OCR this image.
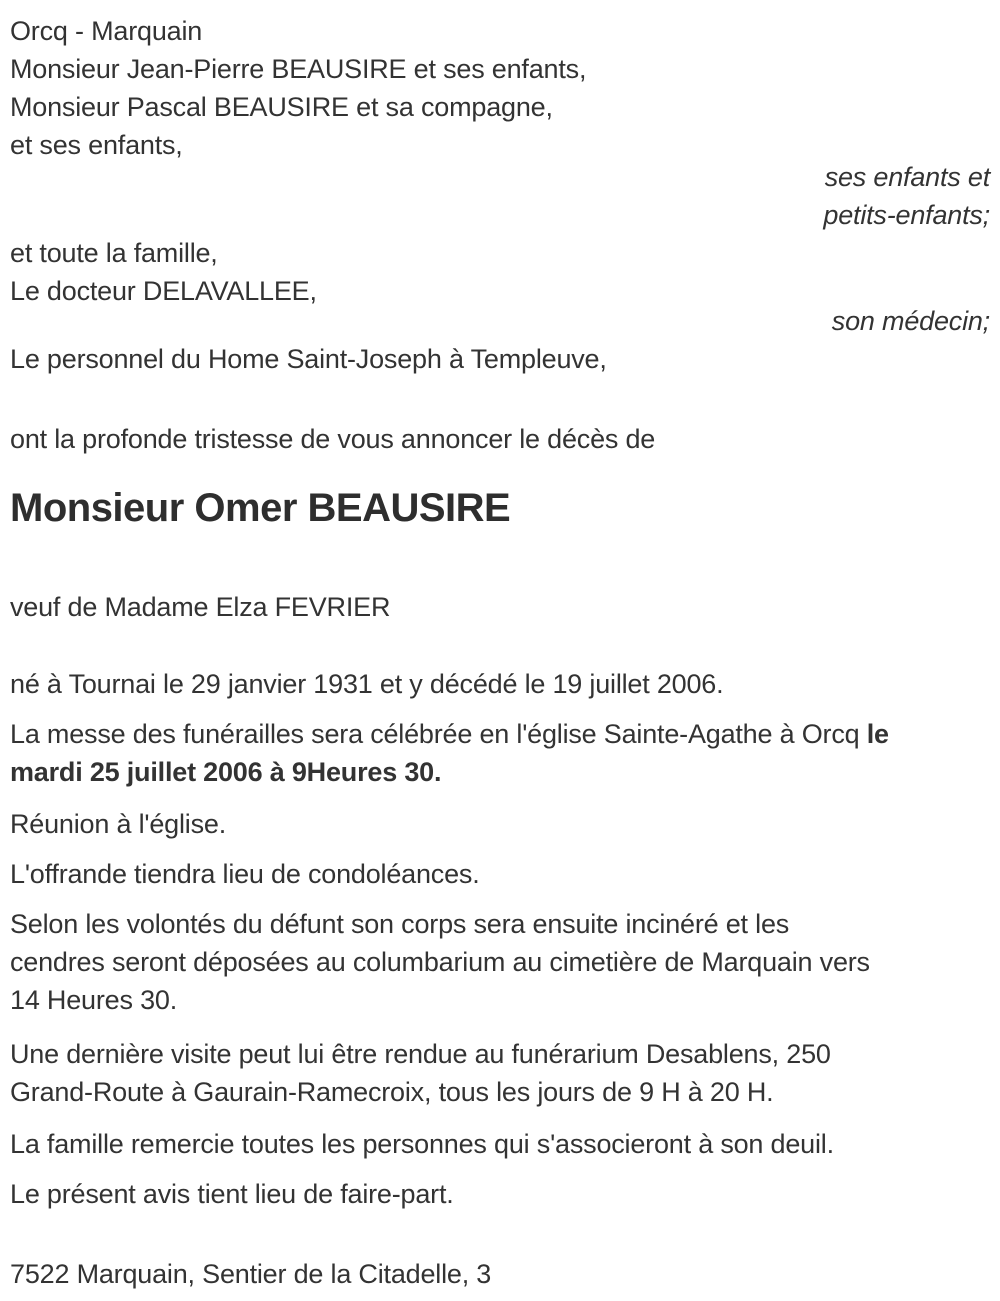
Orcq - Marquain
Monsieur Jean-Pierre BEAUSIRE et ses enfants,
Monsieur Pascal BEAUSIRE et sa compagne,
et ses enfants,
ses enfants et
petits-enfants;
et toute la famille,
Le docteur DELAVALLEE,
son médecin;
Le personnel du Home Saint-Joseph à Templeuve,
ont la profonde tristesse de vous annoncer le décès de
Monsieur Omer BEAUSIRE
veuf de Madame Elza FEVRIER
né à Tournai le 29 janvier 1931 et y décédé le 19 juillet 2006.
La messe des funérailles sera célébrée en l'église Sainte-Agathe à Orcq le
mardi 25 juillet 2006 à 9Heures 30.
Réunion à l'église.
L'offrande tiendra lieu de condoléances.
Selon les volontés du défunt son corps sera ensuite incinéré et les
cendres seront déposées au columbarium au cimetière de Marquain vers
14 Heures 30.
Une dernière visite peut lui être rendue au funérarium Desablens, 250
Grand-Route à Gaurain-Ramecroix, tous les jours de 9 H à 20 H.
La famille remercie toutes les personnes qui s'associeront à son deuil.
Le présent avis tient lieu de faire-part.
7522 Marquain, Sentier de la Citadelle, 3
